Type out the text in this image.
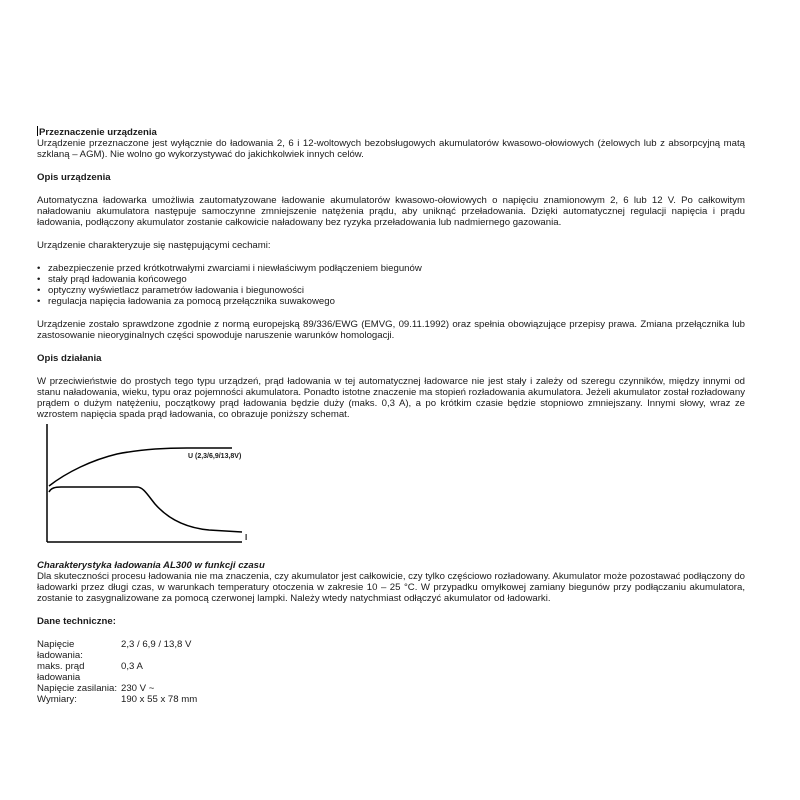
Przeznaczenie urządzenia

Urządzenie przeznaczone jest wyłącznie do ładowania 2, 6 i 12-woltowych bezobsługowych akumulatorów kwasowo-ołowiowych (żelowych lub z absorpcyjną matą szklaną – AGM). Nie wolno go wykorzystywać do jakichkolwiek innych celów.

Opis urządzenia

Automatyczna ładowarka umożliwia zautomatyzowane ładowanie akumulatorów kwasowo-ołowiowych o napięciu znamionowym 2, 6 lub 12 V. Po całkowitym naładowaniu akumulatora następuje samoczynne zmniejszenie natężenia prądu, aby uniknąć przeładowania. Dzięki automatycznej regulacji napięcia i prądu ładowania, podłączony akumulator zostanie całkowicie naładowany bez ryzyka przeładowania lub nadmiernego gazowania.

Urządzenie charakteryzuje się następującymi cechami:

• zabezpieczenie przed krótkotrwałymi zwarciami i niewłaściwym podłączeniem biegunów
• stały prąd ładowania końcowego
• optyczny wyświetlacz parametrów ładowania i biegunowości
• regulacja napięcia ładowania za pomocą przełącznika suwakowego

Urządzenie zostało sprawdzone zgodnie z normą europejską 89/336/EWG (EMVG, 09.11.1992) oraz spełnia obowiązujące przepisy prawa. Zmiana przełącznika lub zastosowanie nieoryginalnych części spowoduje naruszenie warunków homologacji.

Opis działania

W przeciwieństwie do prostych tego typu urządzeń, prąd ładowania w tej automatycznej ładowarce nie jest stały i zależy od szeregu czynników, między innymi od stanu naładowania, wieku, typu oraz pojemności akumulatora. Ponadto istotne znaczenie ma stopień rozładowania akumulatora. Jeżeli akumulator został rozładowany prądem o dużym natężeniu, początkowy prąd ładowania będzie duży (maks. 0,3 A), a po krótkim czasie będzie stopniowo zmniejszany. Innymi słowy, wraz ze wzrostem napięcia spada prąd ładowania, co obrazuje poniższy schemat.

U (2,3/6,9/13,8V)
I

Charakterystyka ładowania AL300 w funkcji czasu

Dla skuteczności procesu ładowania nie ma znaczenia, czy akumulator jest całkowicie, czy tylko częściowo rozładowany. Akumulator może pozostawać podłączony do ładowarki przez długi czas, w warunkach temperatury otoczenia w zakresie 10 – 25 °C. W przypadku omyłkowej zamiany biegunów przy podłączaniu akumulatora, zostanie to zasygnalizowane za pomocą czerwonej lampki. Należy wtedy natychmiast odłączyć akumulator od ładowarki.

Dane techniczne:

Napięcie ładowania:	2,3 / 6,9 / 13,8 V
maks. prąd ładowania	0,3 A
Napięcie zasilania:	230 V ~
Wymiary:	190 x 55 x 78 mm
